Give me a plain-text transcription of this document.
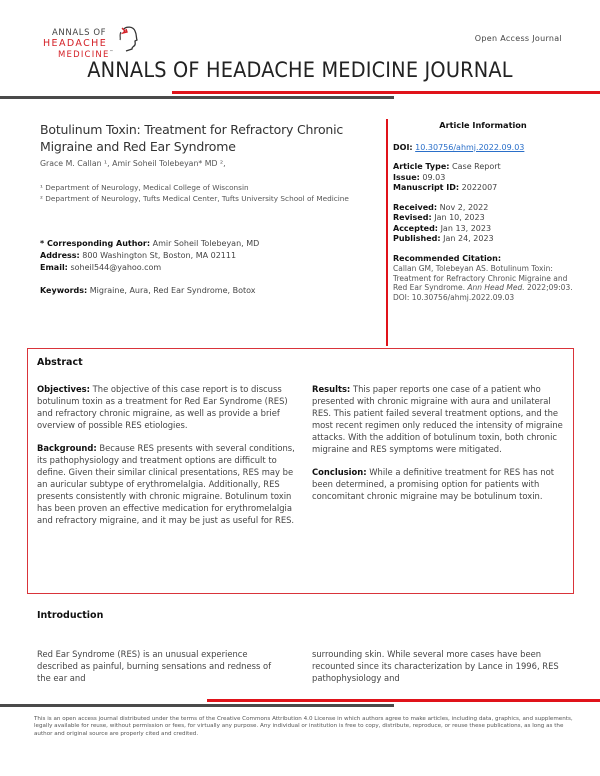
ANNALS OF
HEADACHE
MEDICINE™
Open Access Journal
ANNALS OF HEADACHE MEDICINE JOURNAL
Botulinum Toxin: Treatment for Refractory Chronic Migraine and Red Ear Syndrome
Grace M. Callan ¹, Amir Soheil Tolebeyan* MD ²,
¹ Department of Neurology, Medical College of Wisconsin
² Department of Neurology, Tufts Medical Center, Tufts University School of Medicine
* Corresponding Author: Amir Soheil Tolebeyan, MD
Address: 800 Washington St, Boston, MA 02111
Email: soheil544@yahoo.com
Keywords: Migraine, Aura, Red Ear Syndrome, Botox
Article Information
DOI: 10.30756/ahmj.2022.09.03
Article Type: Case Report
Issue: 09.03
Manuscript ID: 2022007
Received: Nov 2, 2022
Revised: Jan 10, 2023
Accepted: Jan 13, 2023
Published: Jan 24, 2023
Recommended Citation:
Callan GM, Tolebeyan AS. Botulinum Toxin: Treatment for Refractory Chronic Migraine and Red Ear Syndrome. Ann Head Med. 2022;09:03. DOI: 10.30756/ahmj.2022.09.03
Abstract

Objectives: The objective of this case report is to discuss botulinum toxin as a treatment for Red Ear Syndrome (RES) and refractory chronic migraine, as well as provide a brief overview of possible RES etiologies.

Background: Because RES presents with several conditions, its pathophysiology and treatment options are difficult to define. Given their similar clinical presentations, RES may be an auricular subtype of erythromelalgia. Additionally, RES presents consistently with chronic migraine. Botulinum toxin has been proven an effective medication for erythromelalgia and refractory migraine, and it may be just as useful for RES.

Results: This paper reports one case of a patient who presented with chronic migraine with aura and unilateral RES. This patient failed several treatment options, and the most recent regimen only reduced the intensity of migraine attacks. With the addition of botulinum toxin, both chronic migraine and RES symptoms were mitigated.

Conclusion: While a definitive treatment for RES has not been determined, a promising option for patients with concomitant chronic migraine may be botulinum toxin.

Introduction
Red Ear Syndrome (RES) is an unusual experience described as painful, burning sensations and redness of the ear and
surrounding skin. While several more cases have been recounted since its characterization by Lance in 1996, RES pathophysiology and
This is an open access journal distributed under the terms of the Creative Commons Attribution 4.0 License in which authors agree to make articles, including data, graphics, and supplements, legally available for reuse, without permission or fees, for virtually any purpose. Any individual or institution is free to copy, distribute, reproduce, or reuse these publications, as long as the author and original source are properly cited and credited.
